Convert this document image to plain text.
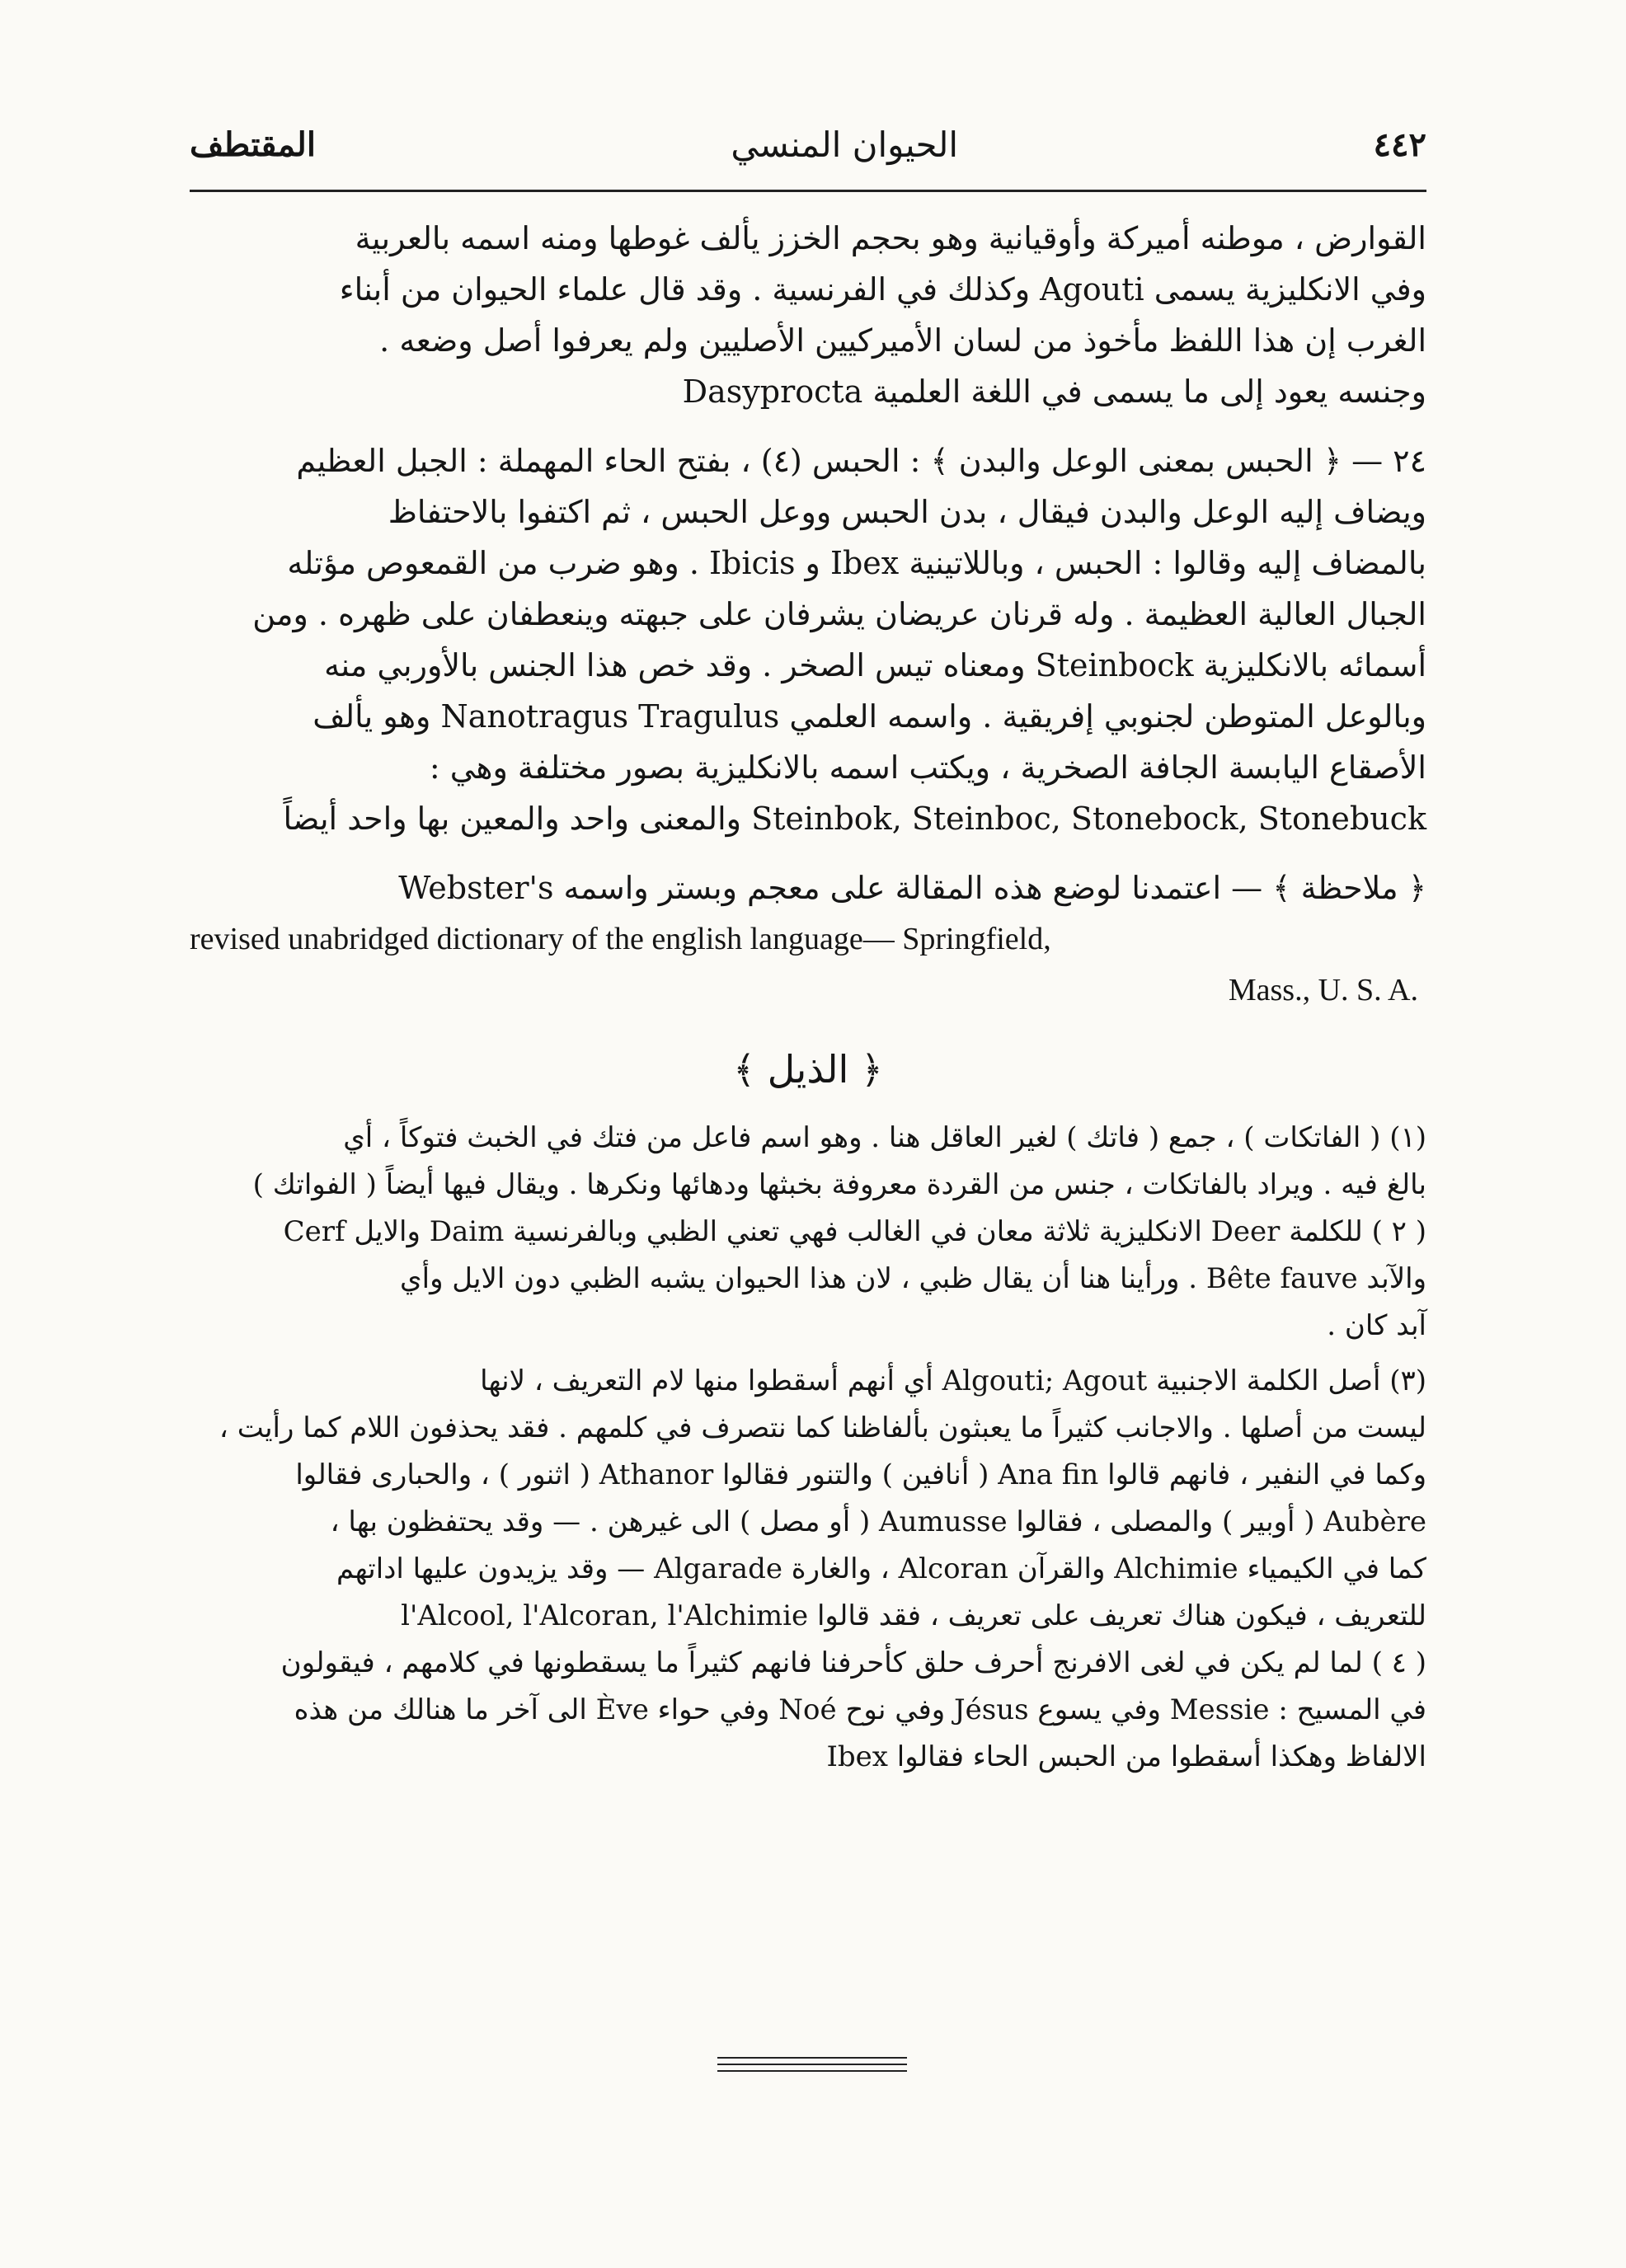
٤٤٢
الحيوان المنسي
المقتطف

القوارض ، موطنه أميركة وأوقيانية وهو بحجم الخزز يألف غوطها ومنه اسمه بالعربية

وفي الانكليزية يسمى Agouti وكذلك في الفرنسية . وقد قال علماء الحيوان من أبناء

الغرب إن هذا اللفظ مأخوذ من لسان الأميركيين الأصليين ولم يعرفوا أصل وضعه .

وجنسه يعود إلى ما يسمى في اللغة العلمية Dasyprocta

٢٤ — ﴿ الحبس بمعنى الوعل والبدن ﴾ : الحبس (٤) ، بفتح الحاء المهملة : الجبل العظيم

ويضاف إليه الوعل والبدن فيقال ، بدن الحبس ووعل الحبس ، ثم اكتفوا بالاحتفاظ

بالمضاف إليه وقالوا : الحبس ، وباللاتينية Ibex و Ibicis . وهو ضرب من القمعوص مؤتله

الجبال العالية العظيمة . وله قرنان عريضان يشرفان على جبهته وينعطفان على ظهره . ومن

أسمائه بالانكليزية Steinbock ومعناه تيس الصخر . وقد خص هذا الجنس بالأوربي منه

وبالوعل المتوطن لجنوبي إفريقية . واسمه العلمي Nanotragus Tragulus وهو يألف

الأصقاع اليابسة الجافة الصخرية ، ويكتب اسمه بالانكليزية بصور مختلفة وهي :

Steinbok, Steinboc, Stonebock, Stonebuck والمعنى واحد والمعين بها واحد أيضاً

﴿ ملاحظة ﴾ — اعتمدنا لوضع هذه المقالة على معجم وبستر واسمه Webster's

revised unabridged dictionary of the english language— Springfield,

Mass., U. S. A.

﴿ الذيل ﴾

(١) ( الفاتكات ) ، جمع ( فاتك ) لغير العاقل هنا . وهو اسم فاعل من فتك في الخبث فتوكاً ، أي

بالغ فيه . ويراد بالفاتكات ، جنس من القردة معروفة بخبثها ودهائها ونكرها . ويقال فيها أيضاً ( الفواتك )

( ٢ ) للكلمة Deer الانكليزية ثلاثة معان في الغالب فهي تعني الظبي وبالفرنسية Daim والايل Cerf

والآبد Bête fauve . ورأينا هنا أن يقال ظبي ، لان هذا الحيوان يشبه الظبي دون الايل وأي

آبد كان .

(٣) أصل الكلمة الاجنبية Algouti; Agout أي أنهم أسقطوا منها لام التعريف ، لانها

ليست من أصلها . والاجانب كثيراً ما يعبثون بألفاظنا كما نتصرف في كلمهم . فقد يحذفون اللام كما رأيت ،

وكما في النفير ، فانهم قالوا Ana fin ( أنافين ) والتنور فقالوا Athanor ( اثنور ) ، والحبارى فقالوا

Aubère ( أوبير ) والمصلى ، فقالوا Aumusse ( أو مصل ) الى غيرهن . — وقد يحتفظون بها ،

كما في الكيمياء Alchimie والقرآن Alcoran ، والغارة Algarade — وقد يزيدون عليها اداتهم

للتعريف ، فيكون هناك تعريف على تعريف ، فقد قالوا l'Alcool, l'Alcoran, l'Alchimie

( ٤ ) لما لم يكن في لغى الافرنج أحرف حلق كأحرفنا فانهم كثيراً ما يسقطونها في كلامهم ، فيقولون

في المسيح : Messie وفي يسوع Jésus وفي نوح Noé وفي حواء Ève الى آخر ما هنالك من هذه

الالفاظ وهكذا أسقطوا من الحبس الحاء فقالوا Ibex
